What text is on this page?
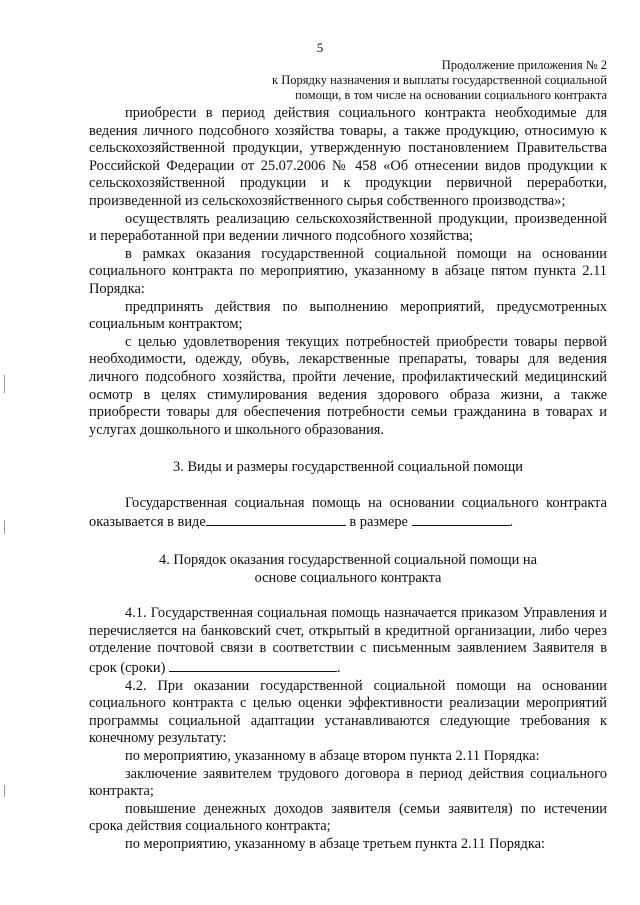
5
Продолжение приложения № 2
к Порядку назначения и выплаты государственной социальной
помощи, в том числе на основании социального контракта

приобрести в период действия социального контракта необходимые для ведения личного подсобного хозяйства товары, а также продукцию, относимую к сельскохозяйственной продукции, утвержденную постановлением Правительства Российской Федерации от 25.07.2006 № 458 «Об отнесении видов продукции к сельскохозяйственной продукции и к продукции первичной переработки, произведенной из сельскохозяйственного сырья собственного производства»;

осуществлять реализацию сельскохозяйственной продукции, произведенной и переработанной при ведении личного подсобного хозяйства;

в рамках оказания государственной социальной помощи на основании социального контракта по мероприятию, указанному в абзаце пятом пункта 2.11 Порядка:

предпринять действия по выполнению мероприятий, предусмотренных социальным контрактом;

с целью удовлетворения текущих потребностей приобрести товары первой необходимости, одежду, обувь, лекарственные препараты, товары для ведения личного подсобного хозяйства, пройти лечение, профилактический медицинский осмотр в целях стимулирования ведения здорового образа жизни, а также приобрести товары для обеспечения потребности семьи гражданина в товарах и услугах дошкольного и школьного образования.

3. Виды и размеры государственной социальной помощи

Государственная социальная помощь на основании социального контракта оказывается в виде	в размере	.

4. Порядок оказания государственной социальной помощи на
основе социального контракта

4.1. Государственная социальная помощь назначается приказом Управления и перечисляется на банковский счет, открытый в кредитной организации, либо через отделение почтовой связи в соответствии с письменным заявлением Заявителя в срок (сроки)	.

4.2. При оказании государственной социальной помощи на основании социального контракта с целью оценки эффективности реализации мероприятий программы социальной адаптации устанавливаются следующие требования к конечному результату:

по мероприятию, указанному в абзаце втором пункта 2.11 Порядка:

заключение заявителем трудового договора в период действия социального контракта;

повышение денежных доходов заявителя (семьи заявителя) по истечении срока действия социального контракта;

по мероприятию, указанному в абзаце третьем пункта 2.11 Порядка:
